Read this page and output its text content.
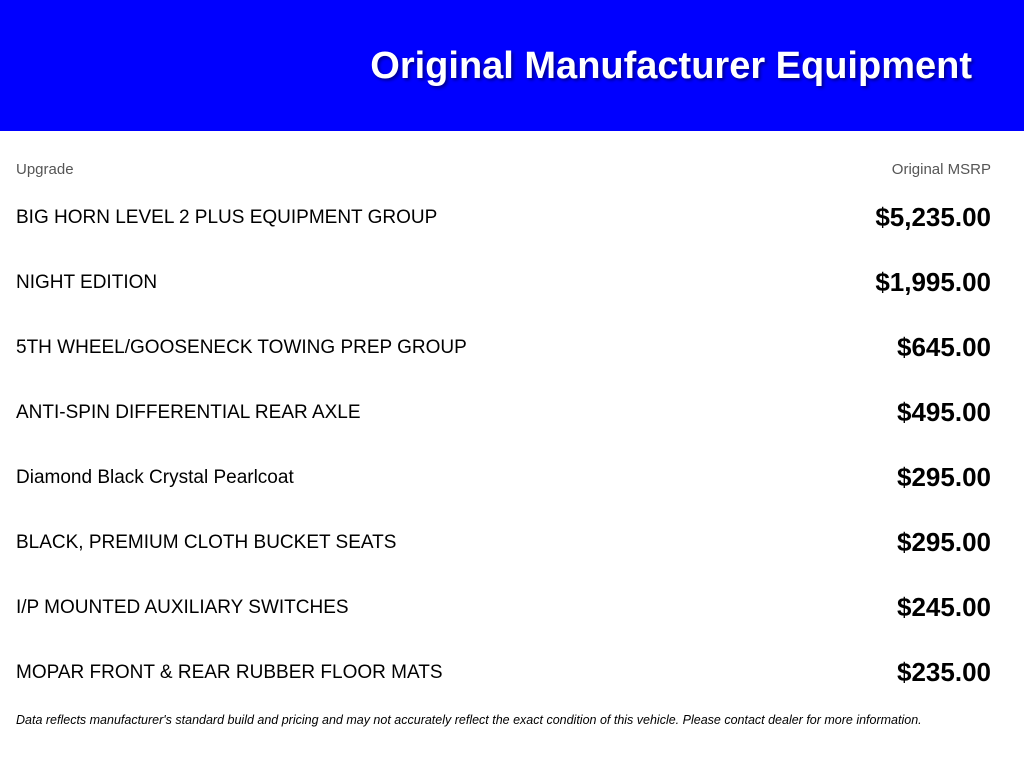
Original Manufacturer Equipment
Upgrade	Original MSRP
BIG HORN LEVEL 2 PLUS EQUIPMENT GROUP	$5,235.00
NIGHT EDITION	$1,995.00
5TH WHEEL/GOOSENECK TOWING PREP GROUP	$645.00
ANTI-SPIN DIFFERENTIAL REAR AXLE	$495.00
Diamond Black Crystal Pearlcoat	$295.00
BLACK, PREMIUM CLOTH BUCKET SEATS	$295.00
I/P MOUNTED AUXILIARY SWITCHES	$245.00
MOPAR FRONT & REAR RUBBER FLOOR MATS	$235.00
Data reflects manufacturer's standard build and pricing and may not accurately reflect the exact condition of this vehicle. Please contact dealer for more information.
